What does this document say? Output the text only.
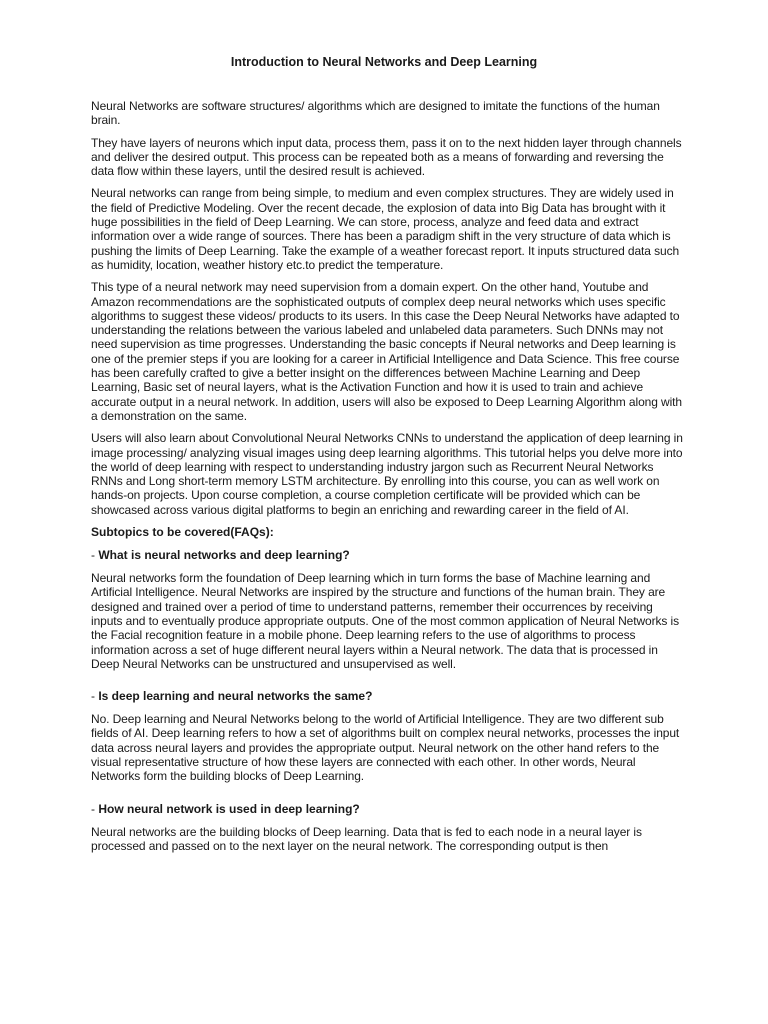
Introduction to Neural Networks and Deep Learning

Neural Networks are software structures/ algorithms which are designed to imitate the functions of the human brain.

They have layers of neurons which input data, process them, pass it on to the next hidden layer through channels and deliver the desired output. This process can be repeated both as a means of forwarding and reversing the data flow within these layers, until the desired result is achieved.

Neural networks can range from being simple, to medium and even complex structures. They are widely used in the field of Predictive Modeling. Over the recent decade, the explosion of data into Big Data has brought with it huge possibilities in the field of Deep Learning. We can store, process, analyze and feed data and extract information over a wide range of sources. There has been a paradigm shift in the very structure of data which is pushing the limits of Deep Learning. Take the example of a weather forecast report. It inputs structured data such as humidity, location, weather history etc.to predict the temperature.

This type of a neural network may need supervision from a domain expert. On the other hand, Youtube and Amazon recommendations are the sophisticated outputs of complex deep neural networks which uses specific algorithms to suggest these videos/ products to its users. In this case the Deep Neural Networks have adapted to understanding the relations between the various labeled and unlabeled data parameters. Such DNNs may not need supervision as time progresses. Understanding the basic concepts if Neural networks and Deep learning is one of the premier steps if you are looking for a career in Artificial Intelligence and Data Science. This free course has been carefully crafted to give a better insight on the differences between Machine Learning and Deep Learning, Basic set of neural layers, what is the Activation Function and how it is used to train and achieve accurate output in a neural network. In addition, users will also be exposed to Deep Learning Algorithm along with a demonstration on the same.

Users will also learn about Convolutional Neural Networks CNNs to understand the application of deep learning in image processing/ analyzing visual images using deep learning algorithms. This tutorial helps you delve more into the world of deep learning with respect to understanding industry jargon such as Recurrent Neural Networks RNNs and Long short-term memory LSTM architecture. By enrolling into this course, you can as well work on hands-on projects. Upon course completion, a course completion certificate will be provided which can be showcased across various digital platforms to begin an enriching and rewarding career in the field of AI.

Subtopics to be covered(FAQs):
- What is neural networks and deep learning?

Neural networks form the foundation of Deep learning which in turn forms the base of Machine learning and Artificial Intelligence. Neural Networks are inspired by the structure and functions of the human brain. They are designed and trained over a period of time to understand patterns, remember their occurrences by receiving inputs and to eventually produce appropriate outputs. One of the most common application of Neural Networks is the Facial recognition feature in a mobile phone. Deep learning refers to the use of algorithms to process information across a set of huge different neural layers within a Neural network. The data that is processed in Deep Neural Networks can be unstructured and unsupervised as well.

- Is deep learning and neural networks the same?

No. Deep learning and Neural Networks belong to the world of Artificial Intelligence. They are two different sub fields of AI. Deep learning refers to how a set of algorithms built on complex neural networks, processes the input data across neural layers and provides the appropriate output. Neural network on the other hand refers to the visual representative structure of how these layers are connected with each other. In other words, Neural Networks form the building blocks of Deep Learning.

- How neural network is used in deep learning?

Neural networks are the building blocks of Deep learning. Data that is fed to each node in a neural layer is processed and passed on to the next layer on the neural network. The corresponding output is then
